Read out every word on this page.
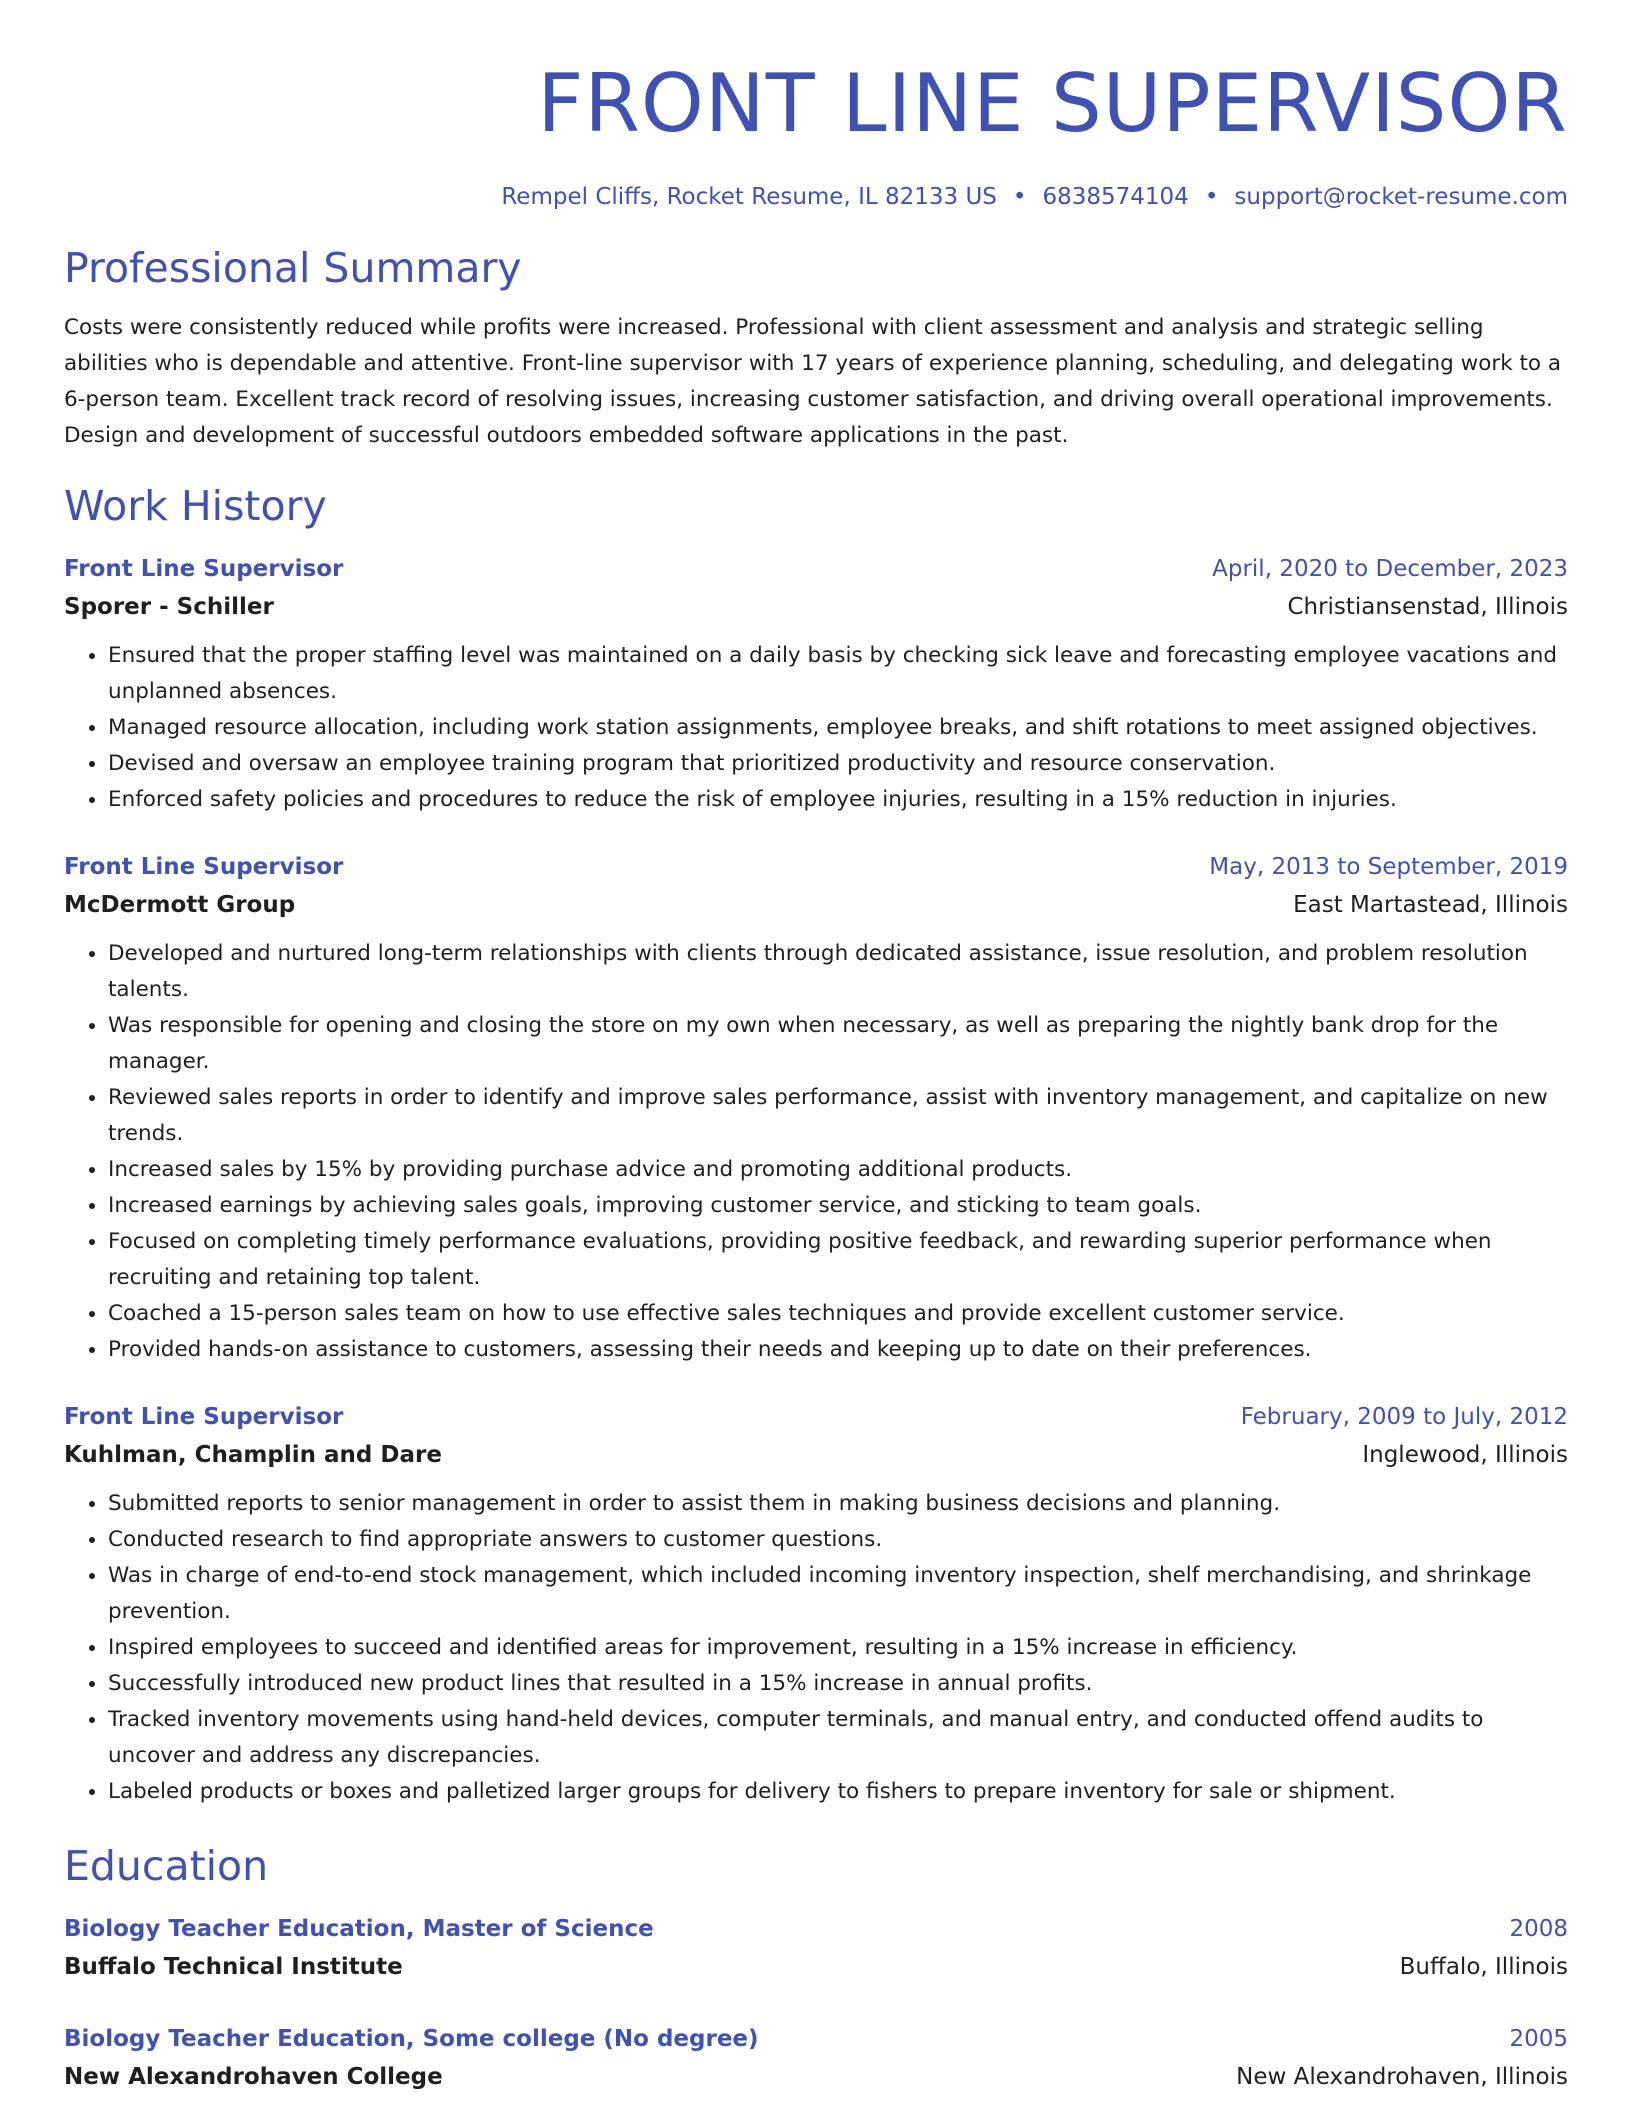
FRONT LINE SUPERVISOR
Rempel Cliffs, Rocket Resume, IL 82133 US • 6838574104 • support@rocket-resume.com
Professional Summary

Costs were consistently reduced while profits were increased. Professional with client assessment and analysis and strategic selling abilities who is dependable and attentive. Front-line supervisor with 17 years of experience planning, scheduling, and delegating work to a 6-person team. Excellent track record of resolving issues, increasing customer satisfaction, and driving overall operational improvements. Design and development of successful outdoors embedded software applications in the past.

Work History
Front Line Supervisor	April, 2020 to December, 2023
Sporer - Schiller	Christiansenstad, Illinois
• Ensured that the proper staffing level was maintained on a daily basis by checking sick leave and forecasting employee vacations and unplanned absences.
• Managed resource allocation, including work station assignments, employee breaks, and shift rotations to meet assigned objectives.
• Devised and oversaw an employee training program that prioritized productivity and resource conservation.
• Enforced safety policies and procedures to reduce the risk of employee injuries, resulting in a 15% reduction in injuries.
Front Line Supervisor	May, 2013 to September, 2019
McDermott Group	East Martastead, Illinois
• Developed and nurtured long-term relationships with clients through dedicated assistance, issue resolution, and problem resolution talents.
• Was responsible for opening and closing the store on my own when necessary, as well as preparing the nightly bank drop for the manager.
• Reviewed sales reports in order to identify and improve sales performance, assist with inventory management, and capitalize on new trends.
• Increased sales by 15% by providing purchase advice and promoting additional products.
• Increased earnings by achieving sales goals, improving customer service, and sticking to team goals.
• Focused on completing timely performance evaluations, providing positive feedback, and rewarding superior performance when recruiting and retaining top talent.
• Coached a 15-person sales team on how to use effective sales techniques and provide excellent customer service.
• Provided hands-on assistance to customers, assessing their needs and keeping up to date on their preferences.
Front Line Supervisor	February, 2009 to July, 2012
Kuhlman, Champlin and Dare	Inglewood, Illinois
• Submitted reports to senior management in order to assist them in making business decisions and planning.
• Conducted research to find appropriate answers to customer questions.
• Was in charge of end-to-end stock management, which included incoming inventory inspection, shelf merchandising, and shrinkage prevention.
• Inspired employees to succeed and identified areas for improvement, resulting in a 15% increase in efficiency.
• Successfully introduced new product lines that resulted in a 15% increase in annual profits.
• Tracked inventory movements using hand-held devices, computer terminals, and manual entry, and conducted offend audits to uncover and address any discrepancies.
• Labeled products or boxes and palletized larger groups for delivery to fishers to prepare inventory for sale or shipment.
Education
Biology Teacher Education, Master of Science	2008
Buffalo Technical Institute	Buffalo, Illinois
Biology Teacher Education, Some college (No degree)	2005
New Alexandrohaven College	New Alexandrohaven, Illinois
